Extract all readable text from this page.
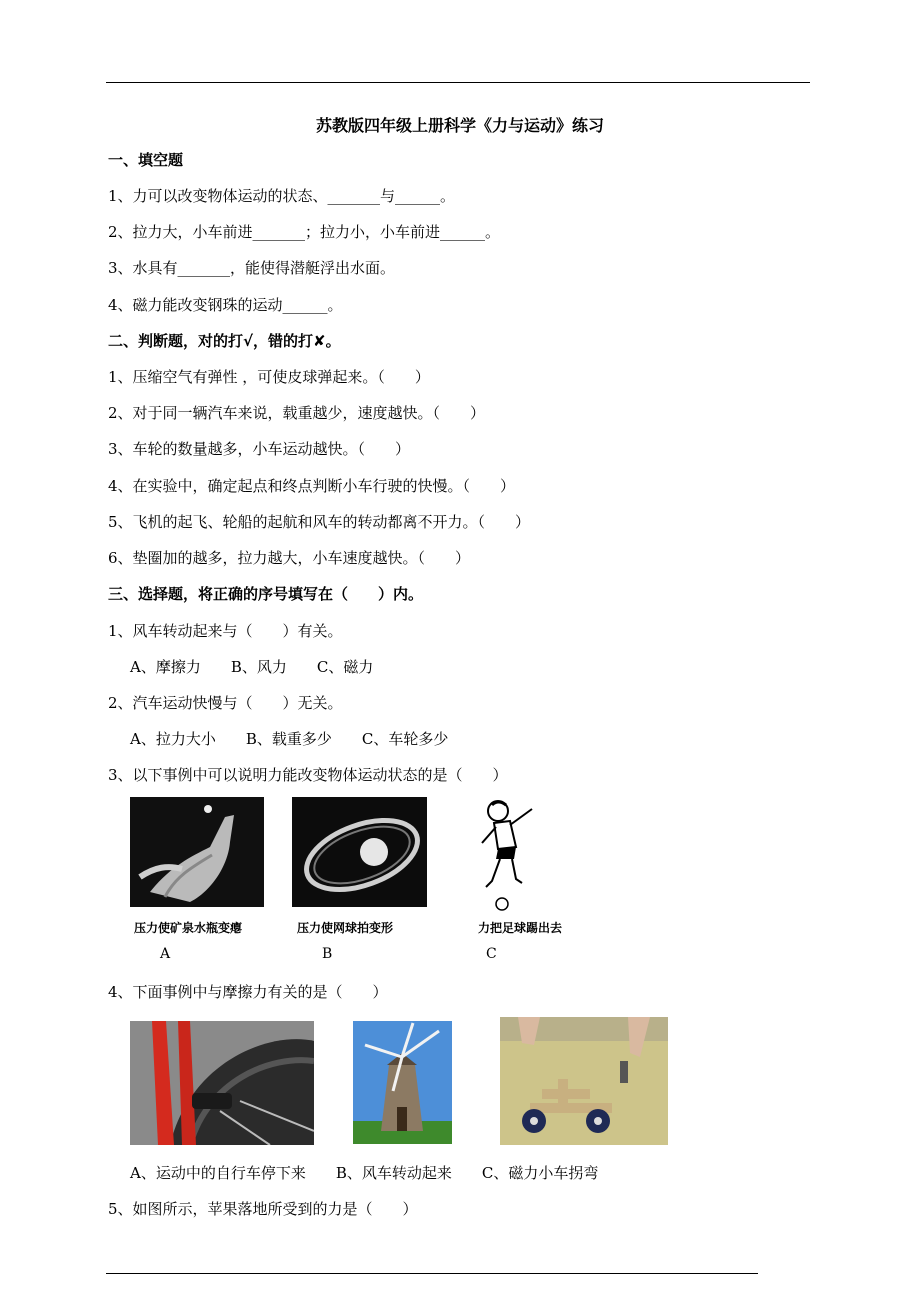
苏教版四年级上册科学《力与运动》练习
一、填空题
1、力可以改变物体运动的状态、_______与______。
2、拉力大，小车前进_______；拉力小，小车前进______。
3、水具有_______，能使得潜艇浮出水面。
4、磁力能改变钢珠的运动______。
二、判断题，对的打√，错的打✘。
1、压缩空气有弹性 ，可使皮球弹起来。（　　）
2、对于同一辆汽车来说，载重越少，速度越快。（　　）
3、车轮的数量越多，小车运动越快。（　　）
4、在实验中，确定起点和终点判断小车行驶的快慢。（　　）
5、飞机的起飞、轮船的起航和风车的转动都离不开力。（　　）
6、垫圈加的越多，拉力越大，小车速度越快。（　　）
三、选择题，将正确的序号填写在（　　）内。
1、风车转动起来与（　　）有关。
A、摩擦力　　B、风力　　C、磁力
2、汽车运动快慢与（　　）无关。
A、拉力大小　　B、载重多少　　C、车轮多少
3、以下事例中可以说明力能改变物体运动状态的是（　　）
压力使矿泉水瓶变瘪
A
压力使网球拍变形
B
力把足球踢出去
C
4、下面事例中与摩擦力有关的是（　　）
A、运动中的自行车停下来　　B、风车转动起来　　C、磁力小车拐弯
5、如图所示，苹果落地所受到的力是（　　）
